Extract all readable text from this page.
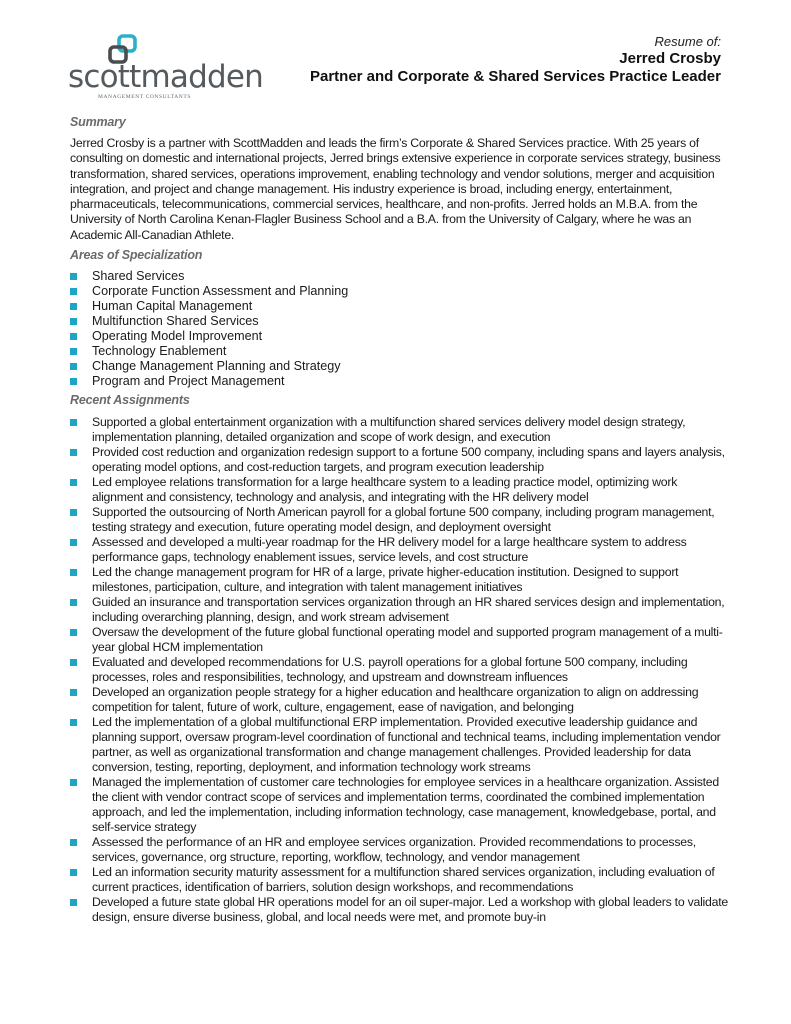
scottmadden
MANAGEMENT CONSULTANTS
Resume of:
Jerred Crosby
Partner and Corporate & Shared Services Practice Leader
Summary

Jerred Crosby is a partner with ScottMadden and leads the firm’s Corporate & Shared Services practice. With 25 years of consulting on domestic and international projects, Jerred brings extensive experience in corporate services strategy, business transformation, shared services, operations improvement, enabling technology and vendor solutions, merger and acquisition integration, and project and change management. His industry experience is broad, including energy, entertainment, pharmaceuticals, telecommunications, commercial services, healthcare, and non-profits. Jerred holds an M.B.A. from the University of North Carolina Kenan-Flagler Business School and a B.A. from the University of Calgary, where he was an Academic All-Canadian Athlete.

Areas of Specialization
Shared Services
Corporate Function Assessment and Planning
Human Capital Management
Multifunction Shared Services
Operating Model Improvement
Technology Enablement
Change Management Planning and Strategy
Program and Project Management
Recent Assignments
Supported a global entertainment organization with a multifunction shared services delivery model design strategy, implementation planning, detailed organization and scope of work design, and execution
Provided cost reduction and organization redesign support to a fortune 500 company, including spans and layers analysis, operating model options, and cost-reduction targets, and program execution leadership
Led employee relations transformation for a large healthcare system to a leading practice model, optimizing work alignment and consistency, technology and analysis, and integrating with the HR delivery model
Supported the outsourcing of North American payroll for a global fortune 500 company, including program management, testing strategy and execution, future operating model design, and deployment oversight
Assessed and developed a multi-year roadmap for the HR delivery model for a large healthcare system to address performance gaps, technology enablement issues, service levels, and cost structure
Led the change management program for HR of a large, private higher-education institution. Designed to support milestones, participation, culture, and integration with talent management initiatives
Guided an insurance and transportation services organization through an HR shared services design and implementation, including overarching planning, design, and work stream advisement
Oversaw the development of the future global functional operating model and supported program management of a multi-year global HCM implementation
Evaluated and developed recommendations for U.S. payroll operations for a global fortune 500 company, including processes, roles and responsibilities, technology, and upstream and downstream influences
Developed an organization people strategy for a higher education and healthcare organization to align on addressing competition for talent, future of work, culture, engagement, ease of navigation, and belonging
Led the implementation of a global multifunctional ERP implementation. Provided executive leadership guidance and planning support, oversaw program-level coordination of functional and technical teams, including implementation vendor partner, as well as organizational transformation and change management challenges. Provided leadership for data conversion, testing, reporting, deployment, and information technology work streams
Managed the implementation of customer care technologies for employee services in a healthcare organization. Assisted the client with vendor contract scope of services and implementation terms, coordinated the combined implementation approach, and led the implementation, including information technology, case management, knowledgebase, portal, and self-service strategy
Assessed the performance of an HR and employee services organization. Provided recommendations to processes, services, governance, org structure, reporting, workflow, technology, and vendor management
Led an information security maturity assessment for a multifunction shared services organization, including evaluation of current practices, identification of barriers, solution design workshops, and recommendations
Developed a future state global HR operations model for an oil super-major. Led a workshop with global leaders to validate design, ensure diverse business, global, and local needs were met, and promote buy-in
